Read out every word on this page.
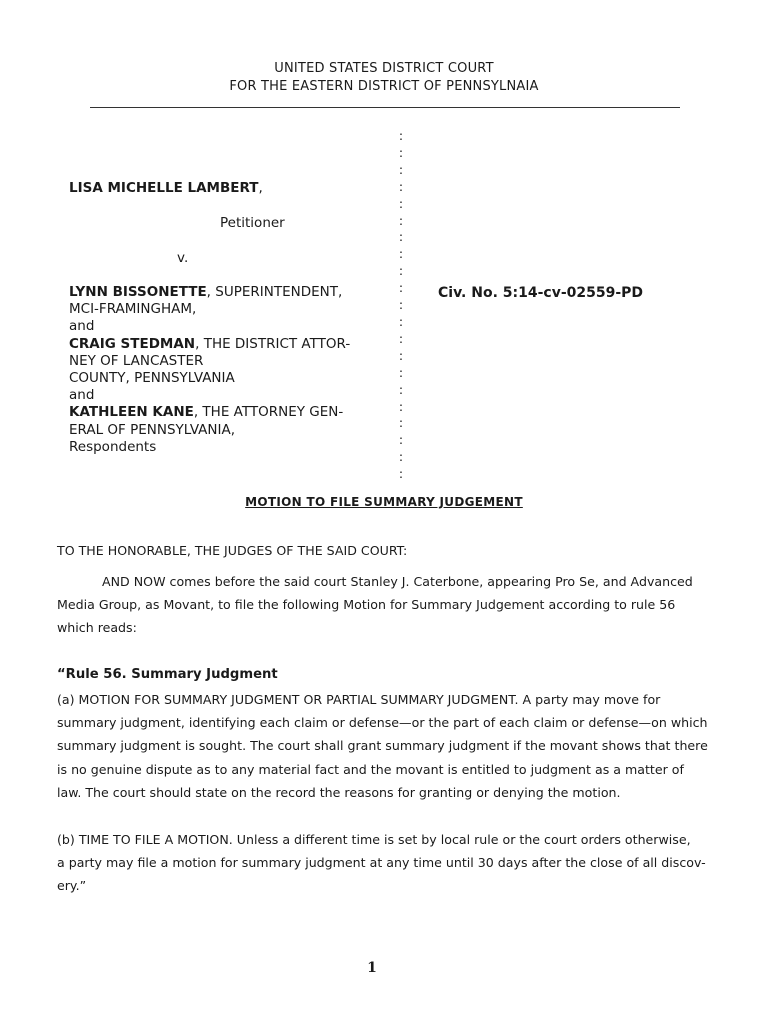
UNITED STATES DISTRICT COURT
FOR THE EASTERN DISTRICT OF PENNSYLNAIA
:
:
:
:
:
:
:
:
:
:
:
:
:
:
:
:
:
:
:
:
:
LISA MICHELLE LAMBERT,
Petitioner
v.
LYNN BISSONETTE, SUPERINTENDENT,
MCI-FRAMINGHAM,
and
CRAIG STEDMAN, THE DISTRICT ATTOR-
NEY OF LANCASTER
COUNTY, PENNSYLVANIA
and
KATHLEEN KANE, THE ATTORNEY GEN-
ERAL OF PENNSYLVANIA,
Respondents
Civ. No. 5:14-cv-02559-PD
MOTION TO FILE SUMMARY JUDGEMENT
TO THE HONORABLE, THE JUDGES OF THE SAID COURT:
AND NOW comes before the said court Stanley J. Caterbone, appearing Pro Se, and Advanced
Media Group, as Movant, to file the following Motion for Summary Judgement according to rule 56
which reads:
“Rule 56. Summary Judgment
(a) MOTION FOR SUMMARY JUDGMENT OR PARTIAL SUMMARY JUDGMENT. A party may move for
summary judgment, identifying each claim or defense—or the part of each claim or defense—on which
summary judgment is sought. The court shall grant summary judgment if the movant shows that there
is no genuine dispute as to any material fact and the movant is entitled to judgment as a matter of
law. The court should state on the record the reasons for granting or denying the motion.
(b) TIME TO FILE A MOTION. Unless a different time is set by local rule or the court orders otherwise,
a party may file a motion for summary judgment at any time until 30 days after the close of all discov-
ery.”
1
